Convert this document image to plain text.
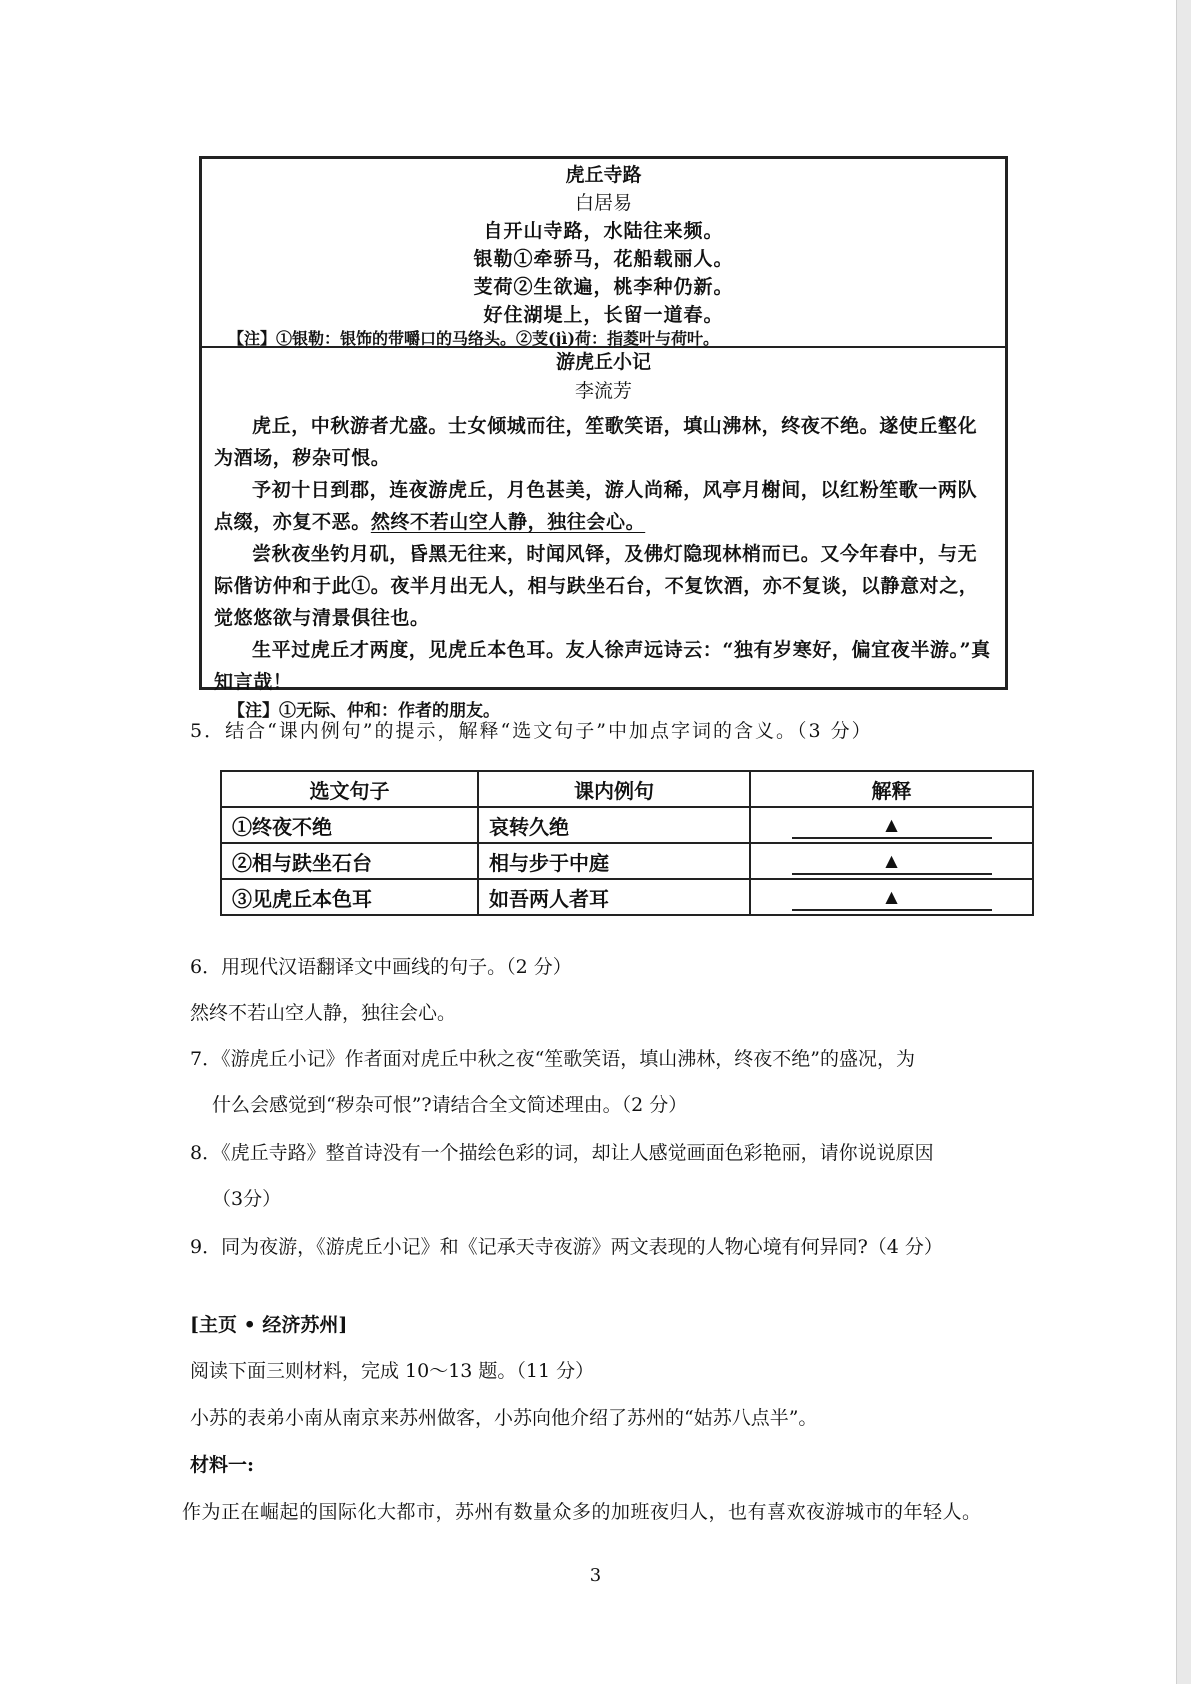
虎丘寺路
白居易
自开山寺路，水陆往来频。
银勒①牵骄马，花船载丽人。
芰荷②生欲遍，桃李种仍新。
好住湖堤上，长留一道春。
【注】①银勒：银饰的带嚼口的马络头。②芰(jì)荷：指菱叶与荷叶。
游虎丘小记
李流芳

虎丘，中秋游者尤盛。士女倾城而往，笙歌笑语，填山沸林，终夜不绝。遂使丘壑化为酒场，秽杂可恨。

予初十日到郡，连夜游虎丘，月色甚美，游人尚稀，风亭月榭间，以红粉笙歌一两队点缀，亦复不恶。然终不若山空人静，独往会心。

尝秋夜坐钓月矶，昏黑无往来，时闻风铎，及佛灯隐现林梢而已。又今年春中，与无际偕访仲和于此①。夜半月出无人，相与趺坐石台，不复饮酒，亦不复谈，以静意对之，觉悠悠欲与清景俱往也。

生平过虎丘才两度，见虎丘本色耳。友人徐声远诗云：“独有岁寒好，偏宜夜半游。”真知言哉！

【注】①无际、仲和：作者的朋友。
5．结合“课内例句”的提示，解释“选文句子”中加点字词的含义。（3 分）
选文句子	课内例句	解释
①终夜不绝	哀转久绝	▲
②相与趺坐石台	相与步于中庭	▲
③见虎丘本色耳	如吾两人者耳	▲
6．用现代汉语翻译文中画线的句子。（2 分）
然终不若山空人静，独往会心。
7．《游虎丘小记》作者面对虎丘中秋之夜“笙歌笑语，填山沸林，终夜不绝”的盛况，为
什么会感觉到“秽杂可恨”?请结合全文简述理由。（2 分）
8．《虎丘寺路》整首诗没有一个描绘色彩的词，却让人感觉画面色彩艳丽，请你说说原因
（3分）
9．同为夜游，《游虎丘小记》和《记承天寺夜游》两文表现的人物心境有何异同?（4 分）
[主页 • 经济苏州]
阅读下面三则材料，完成 10～13 题。（11 分）
小苏的表弟小南从南京来苏州做客，小苏向他介绍了苏州的“姑苏八点半”。
材料一:
作为正在崛起的国际化大都市，苏州有数量众多的加班夜归人，也有喜欢夜游城市的年轻人。
3
